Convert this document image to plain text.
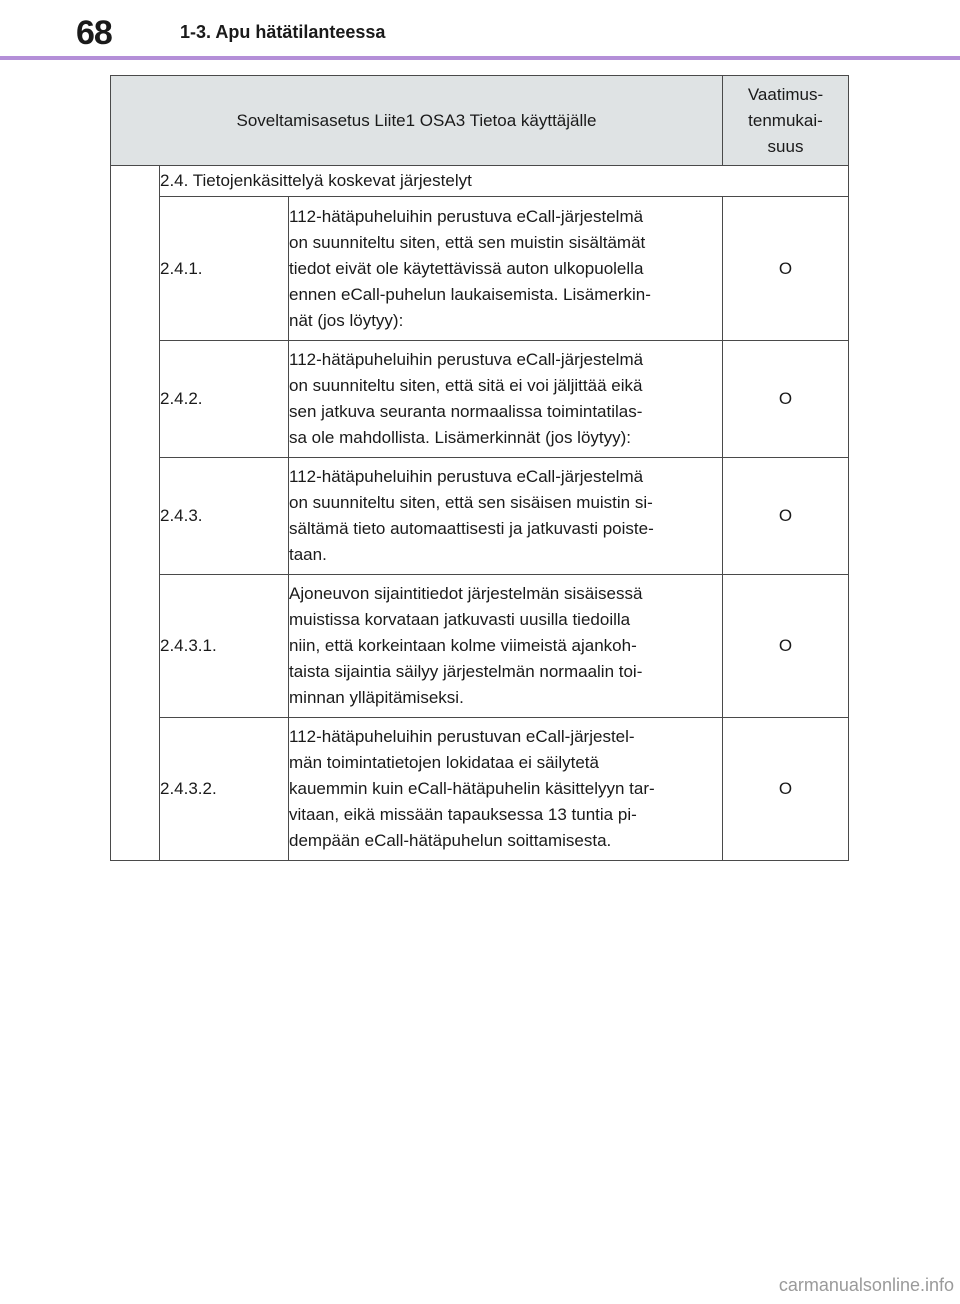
68	1-3. Apu hätätilanteessa
Soveltamisasetus Liite1 OSA3 Tietoa käyttäjälle			Vaatimus-
tenmukai-
suus
	2.4. Tietojenkäsittelyä koskevat järjestelyt		
	2.4.1.	112-hätäpuheluihin perustuva eCall-järjestelmä
on suunniteltu siten, että sen muistin sisältämät
tiedot eivät ole käytettävissä auton ulkopuolella
ennen eCall-puhelun laukaisemista. Lisämerkin-
nät (jos löytyy):	O
	2.4.2.	112-hätäpuheluihin perustuva eCall-järjestelmä
on suunniteltu siten, että sitä ei voi jäljittää eikä
sen jatkuva seuranta normaalissa toimintatilas-
sa ole mahdollista. Lisämerkinnät (jos löytyy):	O
	2.4.3.	112-hätäpuheluihin perustuva eCall-järjestelmä
on suunniteltu siten, että sen sisäisen muistin si-
sältämä tieto automaattisesti ja jatkuvasti poiste-
taan.	O
	2.4.3.1.	Ajoneuvon sijaintitiedot järjestelmän sisäisessä
muistissa korvataan jatkuvasti uusilla tiedoilla
niin, että korkeintaan kolme viimeistä ajankoh-
taista sijaintia säilyy järjestelmän normaalin toi-
minnan ylläpitämiseksi.	O
	2.4.3.2.	112-hätäpuheluihin perustuvan eCall-järjestel-
män toimintatietojen lokidataa ei säilytetä
kauemmin kuin eCall-hätäpuhelin käsittelyyn tar-
vitaan, eikä missään tapauksessa 13 tuntia pi-
dempään eCall-hätäpuhelun soittamisesta.	O
carmanualsonline.info
